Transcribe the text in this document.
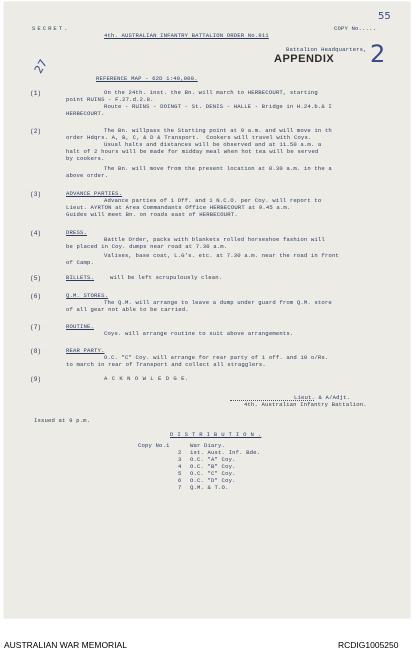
SECRET.	COPY No.....
4th. AUSTRALIAN INFANTRY BATTALION ORDER No.911
Battalion Headquarters,
55
27	APPENDIX 2
REFERENCE MAP - 62D 1:40,000.
(1)	On the 24th. inst. the Bn. will march to HERBECOURT, starting
point RUINS - F.27.d.2.8.
Route - RUINS - DOINGT - St. DENIS - HALLE - Bridge in H.24.b.& I
HERBECOURT.
(2)	The Bn. willpass the Starting point at 9 a.m. and will move in th
order Hdqrs. A, B, C, & D & Transport.  Cookers will travel with Coys.
Usual halts and distances will be observed and at 11.50 a.m. a
halt of 2 hours will be made for midday meal when hot tea will be served
by cookers.
The Bn. will move from the present location at 8.30 a.m. in the a
above order.
(3)	ADVANCE PARTIES.
Advance parties of 1 Off. and 1 N.C.O. per Coy. will report to
Lieut. AYRTON at Area Commandants Office HERBECOURT at 9.45 a.m.
Guides will meet Bn. on roads east of HERBECOURT.
(4)	DRESS.
Battle Order, packs with blankets rolled horseshoe fashion will
be placed in Coy. dumps near road at 7.30 a.m.
Valises, base coat, L.G's. etc. at 7.30 a.m. near the road in front
of Camp.
(5)	BILLETS.	will be left scrupulously clean.
(6)	Q.M. STORES.
The Q.M. will arrange to leave a dump under guard from Q.M. store
of all gear not able to be carried.
(7)	ROUTINE.
Coys. will arrange routine to suit above arrangements.
(8)	REAR PARTY.
O.C. "C" Coy. will arrange for rear party of 1 off. and 10 o/Rs.
to march in rear of Transport and collect all stragglers.
(9)	A C K N O W L E D G E.
Lieut. & A/Adjt.
4th. Australian Infantry Battalion.
Issued at 9 p.m.
D I S T R I B U T I O N .
Copy No.1	War Diary.
2 1st. Aust. Inf. Bde.
3 O.C. "A" Coy.
4 O.C. "B" Coy.
5 O.C. "C" Coy.
6 O.C. "D" Coy.
7 Q.M. & T.O.
AUSTRALIAN WAR MEMORIAL	RCDIG1005250
